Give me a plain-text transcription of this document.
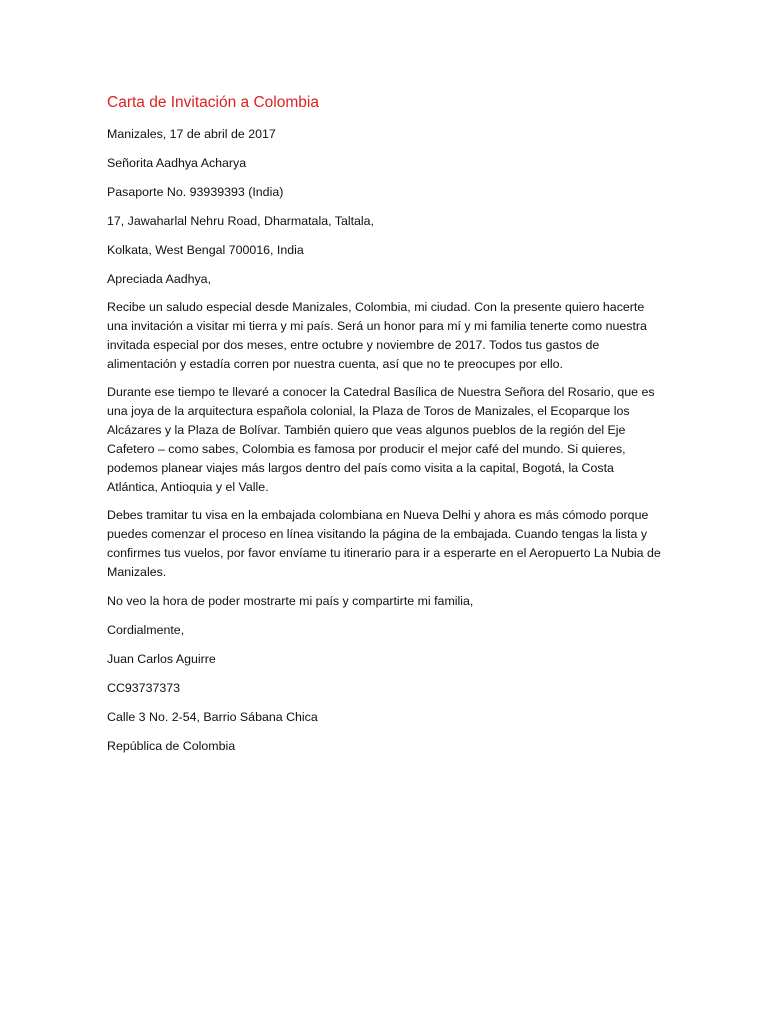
Carta de Invitación a Colombia

Manizales, 17 de abril de 2017

Señorita Aadhya Acharya

Pasaporte No. 93939393 (India)

17, Jawaharlal Nehru Road, Dharmatala, Taltala,

Kolkata, West Bengal 700016, India

Apreciada Aadhya,

Recibe un saludo especial desde Manizales, Colombia, mi ciudad. Con la presente quiero hacerte una invitación a visitar mi tierra y mi país. Será un honor para mí y mi familia tenerte como nuestra invitada especial por dos meses, entre octubre y noviembre de 2017. Todos tus gastos de alimentación y estadía corren por nuestra cuenta, así que no te preocupes por ello.

Durante ese tiempo te llevaré a conocer la Catedral Basílica de Nuestra Señora del Rosario, que es una joya de la arquitectura española colonial, la Plaza de Toros de Manizales, el Ecoparque los Alcázares y la Plaza de Bolívar. También quiero que veas algunos pueblos de la región del Eje Cafetero – como sabes, Colombia es famosa por producir el mejor café del mundo. Si quieres, podemos planear viajes más largos dentro del país como visita a la capital, Bogotá, la Costa Atlántica, Antioquia y el Valle.

Debes tramitar tu visa en la embajada colombiana en Nueva Delhi y ahora es más cómodo porque puedes comenzar el proceso en línea visitando la página de la embajada. Cuando tengas la lista y confirmes tus vuelos, por favor envíame tu itinerario para ir a esperarte en el Aeropuerto La Nubia de Manizales.

No veo la hora de poder mostrarte mi país y compartirte mi familia,

Cordialmente,

Juan Carlos Aguirre

CC93737373

Calle 3 No. 2-54, Barrio Sábana Chica

República de Colombia
